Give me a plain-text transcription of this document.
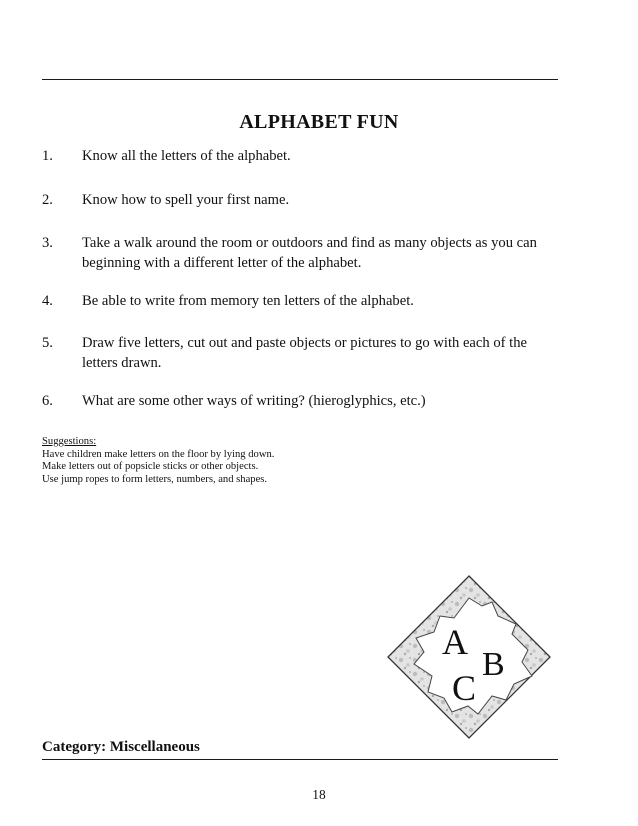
ALPHABET FUN
1.	Know all the letters of the alphabet.
2.	Know how to spell your first name.
3.	Take a walk around the room or outdoors and find as many objects as you can beginning with a different letter of the alphabet.
4.	Be able to write from memory ten letters of the alphabet.
5.	Draw five letters, cut out and paste objects or pictures to go with each of the letters drawn.
6.	What are some other ways of writing? (hieroglyphics, etc.)
Suggestions:
Have children make letters on the floor by lying down.
Make letters out of popsicle sticks or other objects.
Use jump ropes to form letters, numbers, and shapes.
A
B
C
Category: Miscellaneous
18
